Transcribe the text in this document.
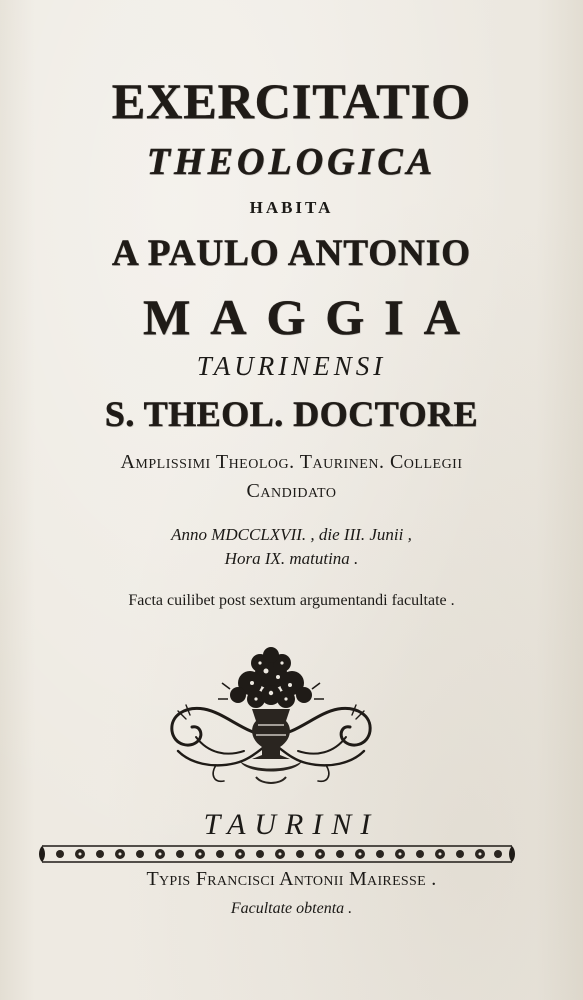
EXERCITATIO
THEOLOGICA
HABITA
A PAULO ANTONIO
MAGGIA
TAURINENSI
S. THEOL. DOCTORE
Amplissimi Theolog. Taurinen. Collegii
Candidato
Anno MDCCLXVII. , die III. Junii ,
Hora IX. matutina .
Facta cuilibet post sextum argumentandi facultate .
TAURINI
Typis Francisci Antonii Mairesse .
Facultate obtenta .
